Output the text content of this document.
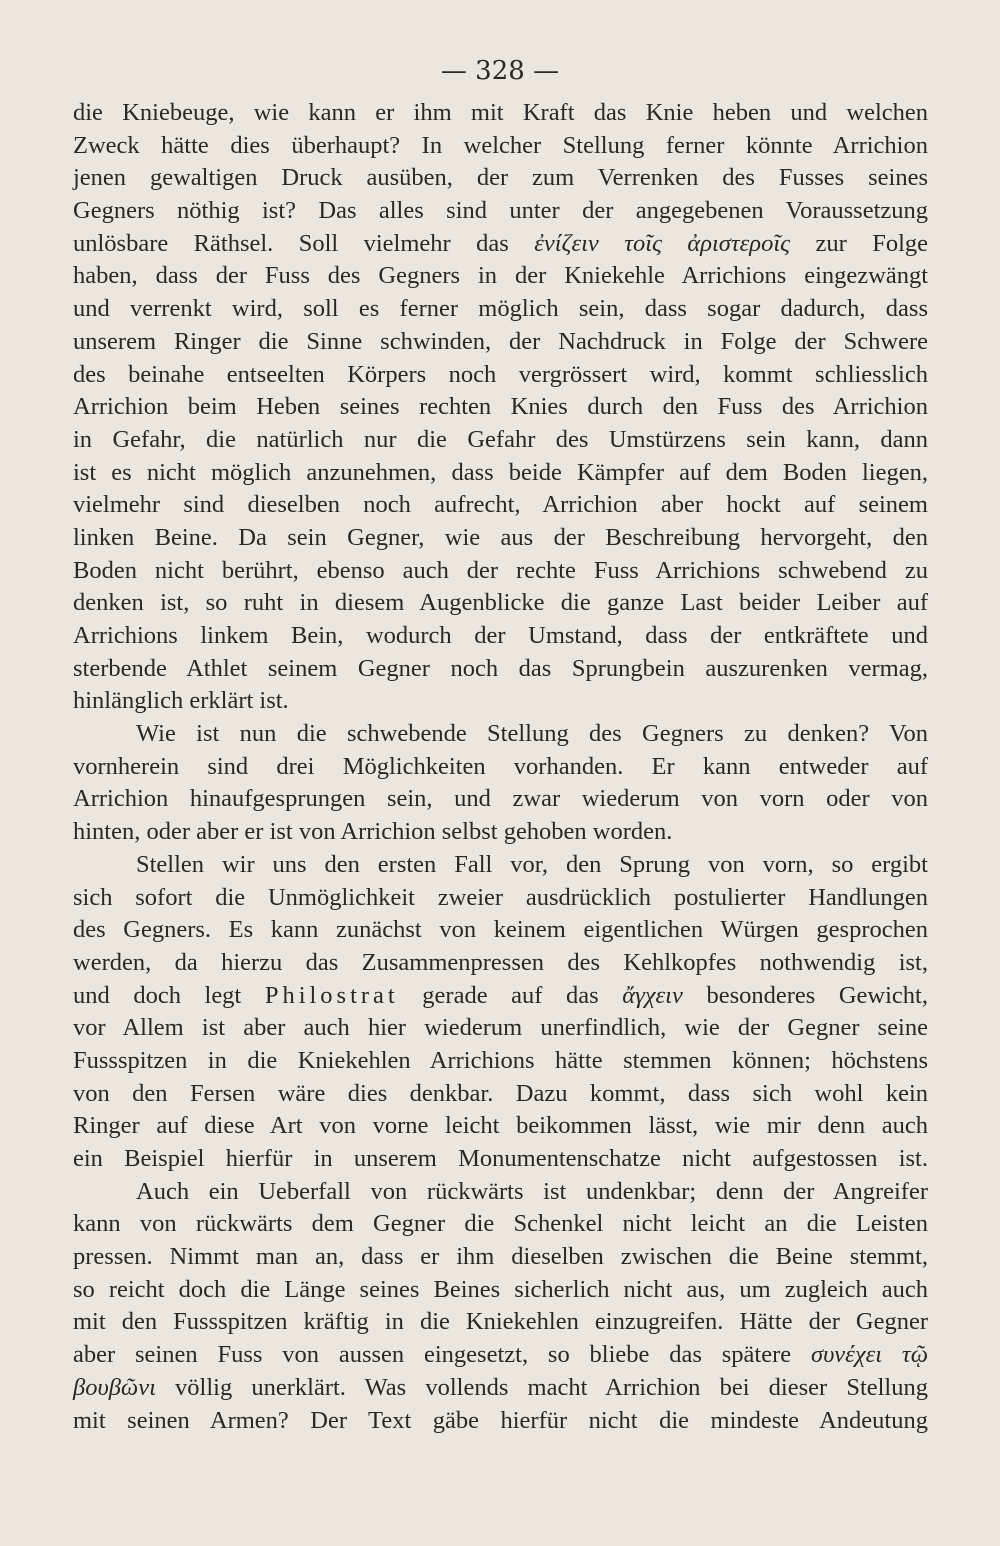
— 328 —
die Kniebeuge, wie kann er ihm mit Kraft das Knie heben und welchen
Zweck hätte dies überhaupt? In welcher Stellung ferner könnte Arrichion
jenen gewaltigen Druck ausüben, der zum Verrenken des Fusses seines
Gegners nöthig ist? Das alles sind unter der angegebenen Voraussetzung
unlösbare Räthsel. Soll vielmehr das ἐνίζειν τοῖς ἀριστεροῖς zur Folge
haben, dass der Fuss des Gegners in der Kniekehle Arrichions eingezwängt
und verrenkt wird, soll es ferner möglich sein, dass sogar dadurch, dass
unserem Ringer die Sinne schwinden, der Nachdruck in Folge der Schwere
des beinahe entseelten Körpers noch vergrössert wird, kommt schliesslich
Arrichion beim Heben seines rechten Knies durch den Fuss des Arrichion
in Gefahr, die natürlich nur die Gefahr des Umstürzens sein kann, dann
ist es nicht möglich anzunehmen, dass beide Kämpfer auf dem Boden liegen,
vielmehr sind dieselben noch aufrecht, Arrichion aber hockt auf seinem
linken Beine. Da sein Gegner, wie aus der Beschreibung hervorgeht, den
Boden nicht berührt, ebenso auch der rechte Fuss Arrichions schwebend zu
denken ist, so ruht in diesem Augenblicke die ganze Last beider Leiber auf
Arrichions linkem Bein, wodurch der Umstand, dass der entkräftete und
sterbende Athlet seinem Gegner noch das Sprungbein auszurenken vermag,
hinlänglich erklärt ist.
Wie ist nun die schwebende Stellung des Gegners zu denken? Von
vornherein sind drei Möglichkeiten vorhanden. Er kann entweder auf
Arrichion hinaufgesprungen sein, und zwar wiederum von vorn oder von
hinten, oder aber er ist von Arrichion selbst gehoben worden.
Stellen wir uns den ersten Fall vor, den Sprung von vorn, so ergibt
sich sofort die Unmöglichkeit zweier ausdrücklich postulierter Handlungen
des Gegners. Es kann zunächst von keinem eigentlichen Würgen gesprochen
werden, da hierzu das Zusammenpressen des Kehlkopfes nothwendig ist,
und doch legt Philostrat gerade auf das ἄγχειν besonderes Gewicht,
vor Allem ist aber auch hier wiederum unerfindlich, wie der Gegner seine
Fussspitzen in die Kniekehlen Arrichions hätte stemmen können; höchstens
von den Fersen wäre dies denkbar. Dazu kommt, dass sich wohl kein
Ringer auf diese Art von vorne leicht beikommen lässt, wie mir denn auch
ein Beispiel hierfür in unserem Monumentenschatze nicht aufgestossen ist.
Auch ein Ueberfall von rückwärts ist undenkbar; denn der Angreifer
kann von rückwärts dem Gegner die Schenkel nicht leicht an die Leisten
pressen. Nimmt man an, dass er ihm dieselben zwischen die Beine stemmt,
so reicht doch die Länge seines Beines sicherlich nicht aus, um zugleich auch
mit den Fussspitzen kräftig in die Kniekehlen einzugreifen. Hätte der Gegner
aber seinen Fuss von aussen eingesetzt, so bliebe das spätere συνέχει τῷ
βουβῶνι völlig unerklärt. Was vollends macht Arrichion bei dieser Stellung
mit seinen Armen? Der Text gäbe hierfür nicht die mindeste Andeutung
